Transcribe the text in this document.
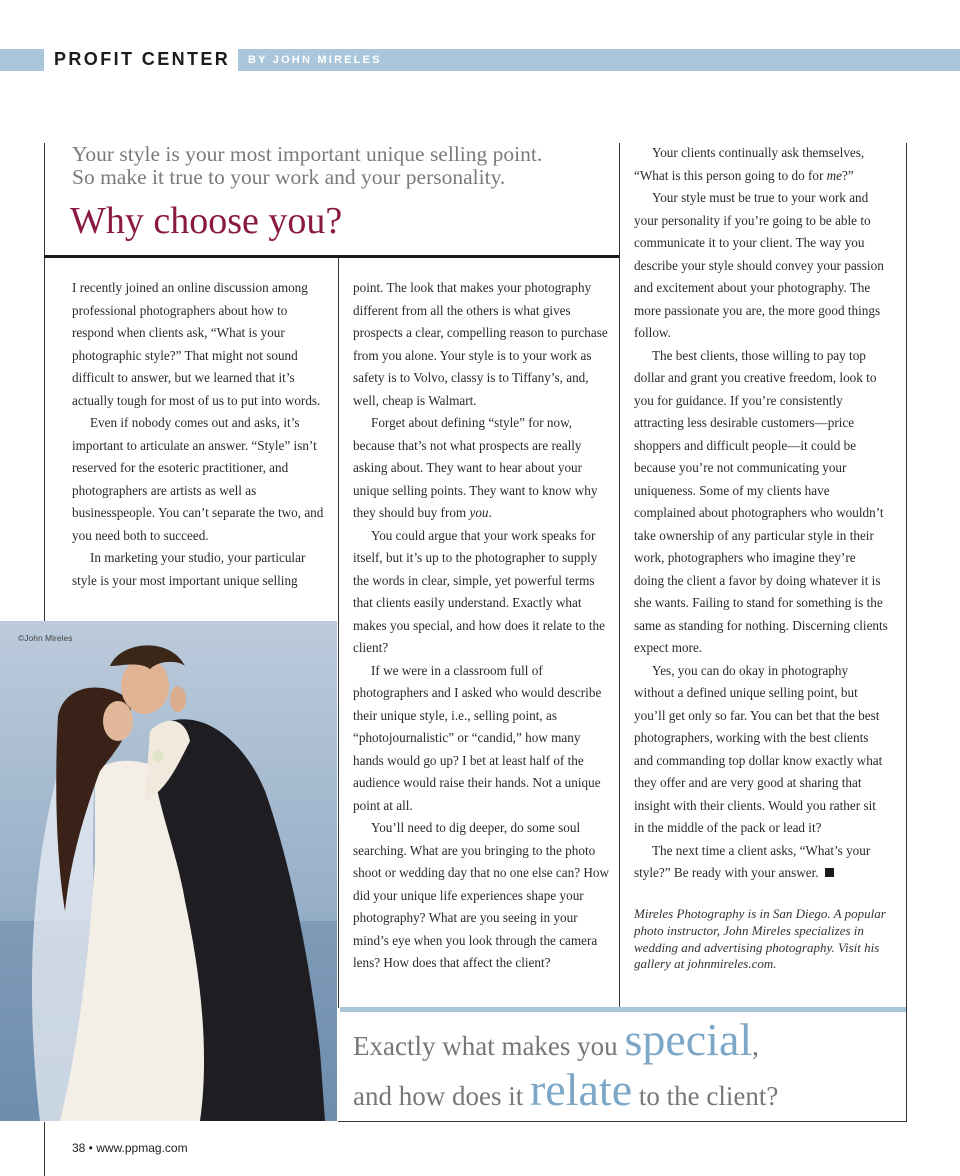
PROFIT CENTER BY JOHN MIRELES
Your style is your most important unique selling point.
So make it true to your work and your personality.
Why choose you?

I recently joined an online discussion among professional photographers about how to respond when clients ask, “What is your photographic style?” That might not sound difficult to answer, but we learned that it’s actually tough for most of us to put into words.

Even if nobody comes out and asks, it’s important to articulate an answer. “Style” isn’t reserved for the esoteric practitioner, and photographers are artists as well as businesspeople. You can’t separate the two, and you need both to succeed.

In marketing your studio, your particular style is your most important unique selling

point. The look that makes your photography different from all the others is what gives prospects a clear, compelling reason to purchase from you alone. Your style is to your work as safety is to Volvo, classy is to Tiffany’s, and, well, cheap is Walmart.

Forget about defining “style” for now, because that’s not what prospects are really asking about. They want to hear about your unique selling points. They want to know why they should buy from you.

You could argue that your work speaks for itself, but it’s up to the photographer to supply the words in clear, simple, yet powerful terms that clients easily understand. Exactly what makes you special, and how does it relate to the client?

If we were in a classroom full of photographers and I asked who would describe their unique style, i.e., selling point, as “photojournalistic” or “candid,” how many hands would go up? I bet at least half of the audience would raise their hands. Not a unique point at all.

You’ll need to dig deeper, do some soul searching. What are you bringing to the photo shoot or wedding day that no one else can? How did your unique life experiences shape your photography? What are you seeing in your mind’s eye when you look through the camera lens? How does that affect the client?

Your clients continually ask themselves, “What is this person going to do for me?”

Your style must be true to your work and your personality if you’re going to be able to communicate it to your client. The way you describe your style should convey your passion and excitement about your photography. The more passionate you are, the more good things follow.

The best clients, those willing to pay top dollar and grant you creative freedom, look to you for guidance. If you’re consistently attracting less desirable customers—price shoppers and difficult people—it could be because you’re not communicating your uniqueness. Some of my clients have complained about photographers who wouldn’t take ownership of any particular style in their work, photographers who imagine they’re doing the client a favor by doing whatever it is she wants. Failing to stand for something is the same as standing for nothing. Discerning clients expect more.

Yes, you can do okay in photography without a defined unique selling point, but you’ll get only so far. You can bet that the best photographers, working with the best clients and commanding top dollar know exactly what they offer and are very good at sharing that insight with their clients. Would you rather sit in the middle of the pack or lead it?

The next time a client asks, “What’s your style?” Be ready with your answer.

Mireles Photography is in San Diego. A popular photo instructor, John Mireles specializes in wedding and advertising photography. Visit his gallery at johnmireles.com.
©John Mireles
Exactly what makes you special,
and how does it relate to the client?
38 • www.ppmag.com
